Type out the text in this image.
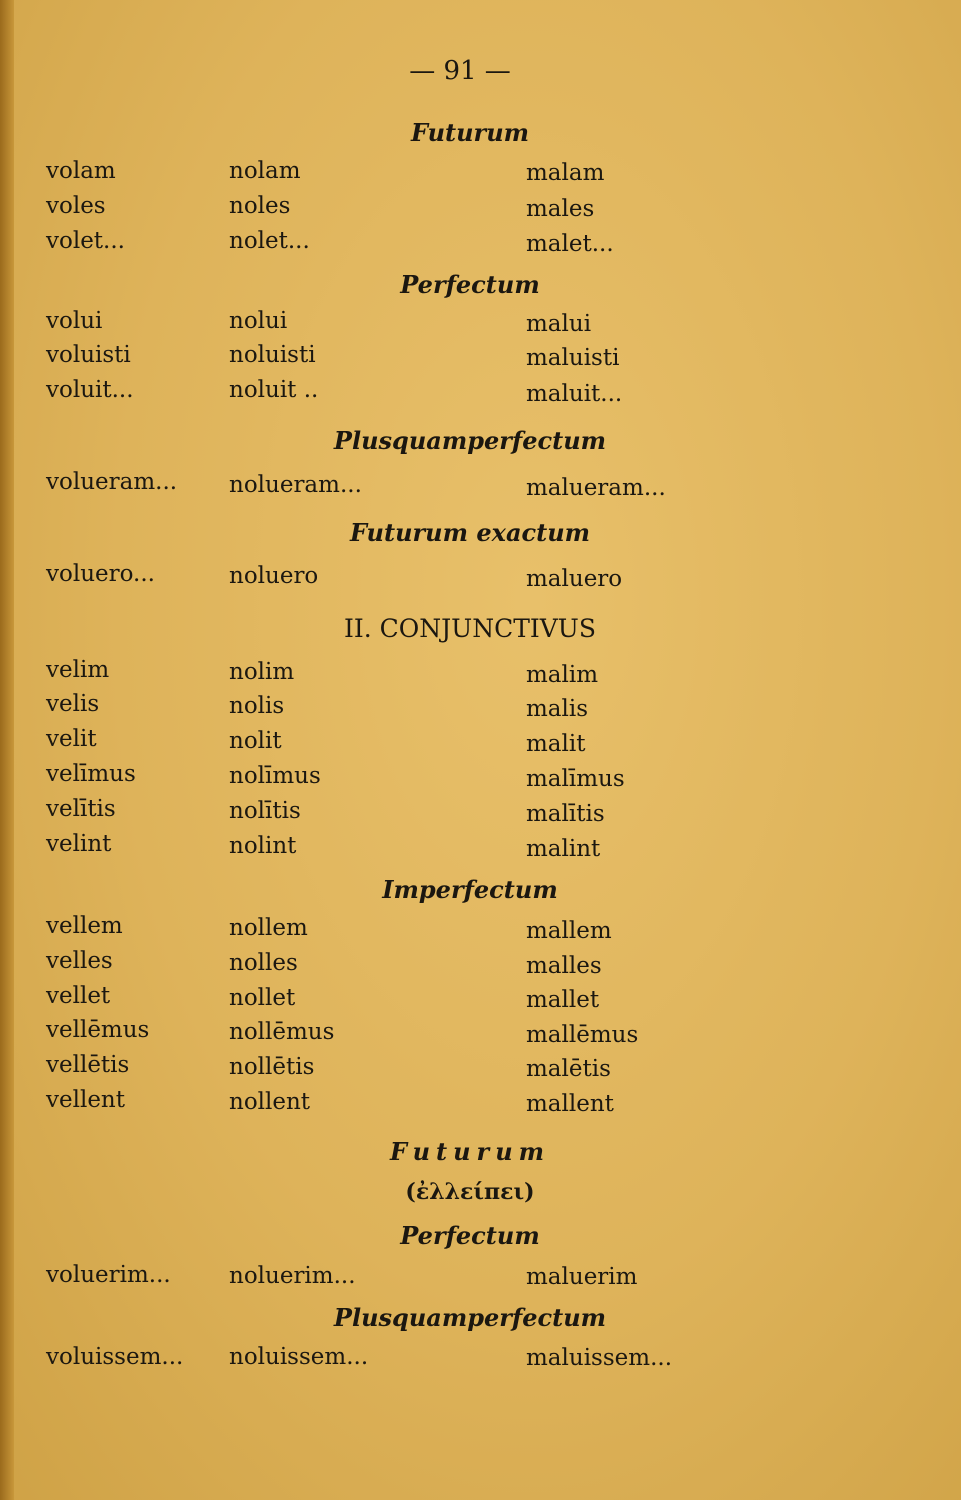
— 91 —
Futurum
volam	nolam	malam
voles	noles	males
volet...	nolet...	malet...
Perfectum
volui	nolui	malui
voluisti	noluisti	maluisti
voluit...	noluit ..	maluit...
Plusquamperfectum
volueram... nolueram...	malueram...
Futurum exactum
voluero...	noluero	maluero
II. CONJUNCTIVUS
velim	nolim	malim
velis	nolis	malis
velit	nolit	malit
velīmus	nolīmus	malīmus
velītis	nolītis	malītis
velint	nolint	malint
Imperfectum
vellem	nollem	mallem
velles	nolles	malles
vellet	nollet	mallet
vellēmus	nollēmus	mallēmus
vellētis	nollētis	malētis
vellent	nollent	mallent
Futurum
(ἐλλείπει)
Perfectum
voluerim...	noluerim...	maluerim
Plusquamperfectum
voluissem... noluissem...	maluissem...
